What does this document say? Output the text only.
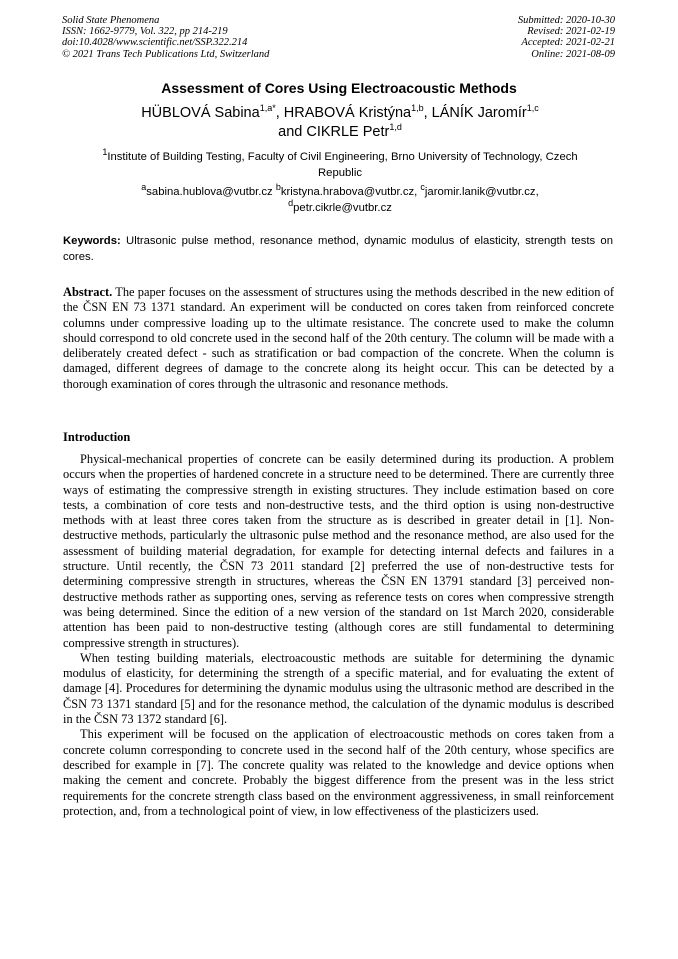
Solid State Phenomena
ISSN: 1662-9779, Vol. 322, pp 214-219
doi:10.4028/www.scientific.net/SSP.322.214
© 2021 Trans Tech Publications Ltd, Switzerland
Submitted: 2020-10-30
Revised: 2021-02-19
Accepted: 2021-02-21
Online: 2021-08-09
Assessment of Cores Using Electroacoustic Methods
HÜBLOVÁ Sabina$^{1,a*}$, HRABOVÁ Kristýna$^{1,b}$, LÁNÍK Jaromír$^{1,c}$
and CIKRLE Petr$^{1,d}$
$^1$Institute of Building Testing, Faculty of Civil Engineering, Brno University of Technology, Czech Republic
$^a$sabina.hublova@vutbr.cz $^b$kristyna.hrabova@vutbr.cz, $^c$jaromir.lanik@vutbr.cz,
$^d$petr.cikrle@vutbr.cz
Keywords: Ultrasonic pulse method, resonance method, dynamic modulus of elasticity, strength tests on cores.
Abstract. The paper focuses on the assessment of structures using the methods described in the new edition of the ČSN EN 73 1371 standard. An experiment will be conducted on cores taken from reinforced concrete columns under compressive loading up to the ultimate resistance. The concrete used to make the column should correspond to old concrete used in the second half of the 20th century. The column will be made with a deliberately created defect - such as stratification or bad compaction of the concrete. When the column is damaged, different degrees of damage to the concrete along its height occur. This can be detected by a thorough examination of cores through the ultrasonic and resonance methods.
Introduction

Physical-mechanical properties of concrete can be easily determined during its production. A problem occurs when the properties of hardened concrete in a structure need to be determined. There are currently three ways of estimating the compressive strength in existing structures. They include estimation based on core tests, a combination of core tests and non-destructive tests, and the third option is using non-destructive methods with at least three cores taken from the structure as is described in greater detail in [1]. Non-destructive methods, particularly the ultrasonic pulse method and the resonance method, are also used for the assessment of building material degradation, for example for detecting internal defects and failures in a structure. Until recently, the ČSN 73 2011 standard [2] preferred the use of non-destructive tests for determining compressive strength in structures, whereas the ČSN EN 13791 standard [3] perceived non-destructive methods rather as supporting ones, serving as reference tests on cores when compressive strength was being determined. Since the edition of a new version of the standard on 1st March 2020, considerable attention has been paid to non-destructive testing (although cores are still fundamental to determining compressive strength in structures).

When testing building materials, electroacoustic methods are suitable for determining the dynamic modulus of elasticity, for determining the strength of a specific material, and for evaluating the extent of damage [4]. Procedures for determining the dynamic modulus using the ultrasonic method are described in the ČSN 73 1371 standard [5] and for the resonance method, the calculation of the dynamic modulus is described in the ČSN 73 1372 standard [6].

This experiment will be focused on the application of electroacoustic methods on cores taken from a concrete column corresponding to concrete used in the second half of the 20th century, whose specifics are described for example in [7]. The concrete quality was related to the knowledge and device options when making the cement and concrete. Probably the biggest difference from the present was in the less strict requirements for the concrete strength class based on the environment aggressiveness, in small reinforcement protection, and, from a technological point of view, in low effectiveness of the plasticizers used.
